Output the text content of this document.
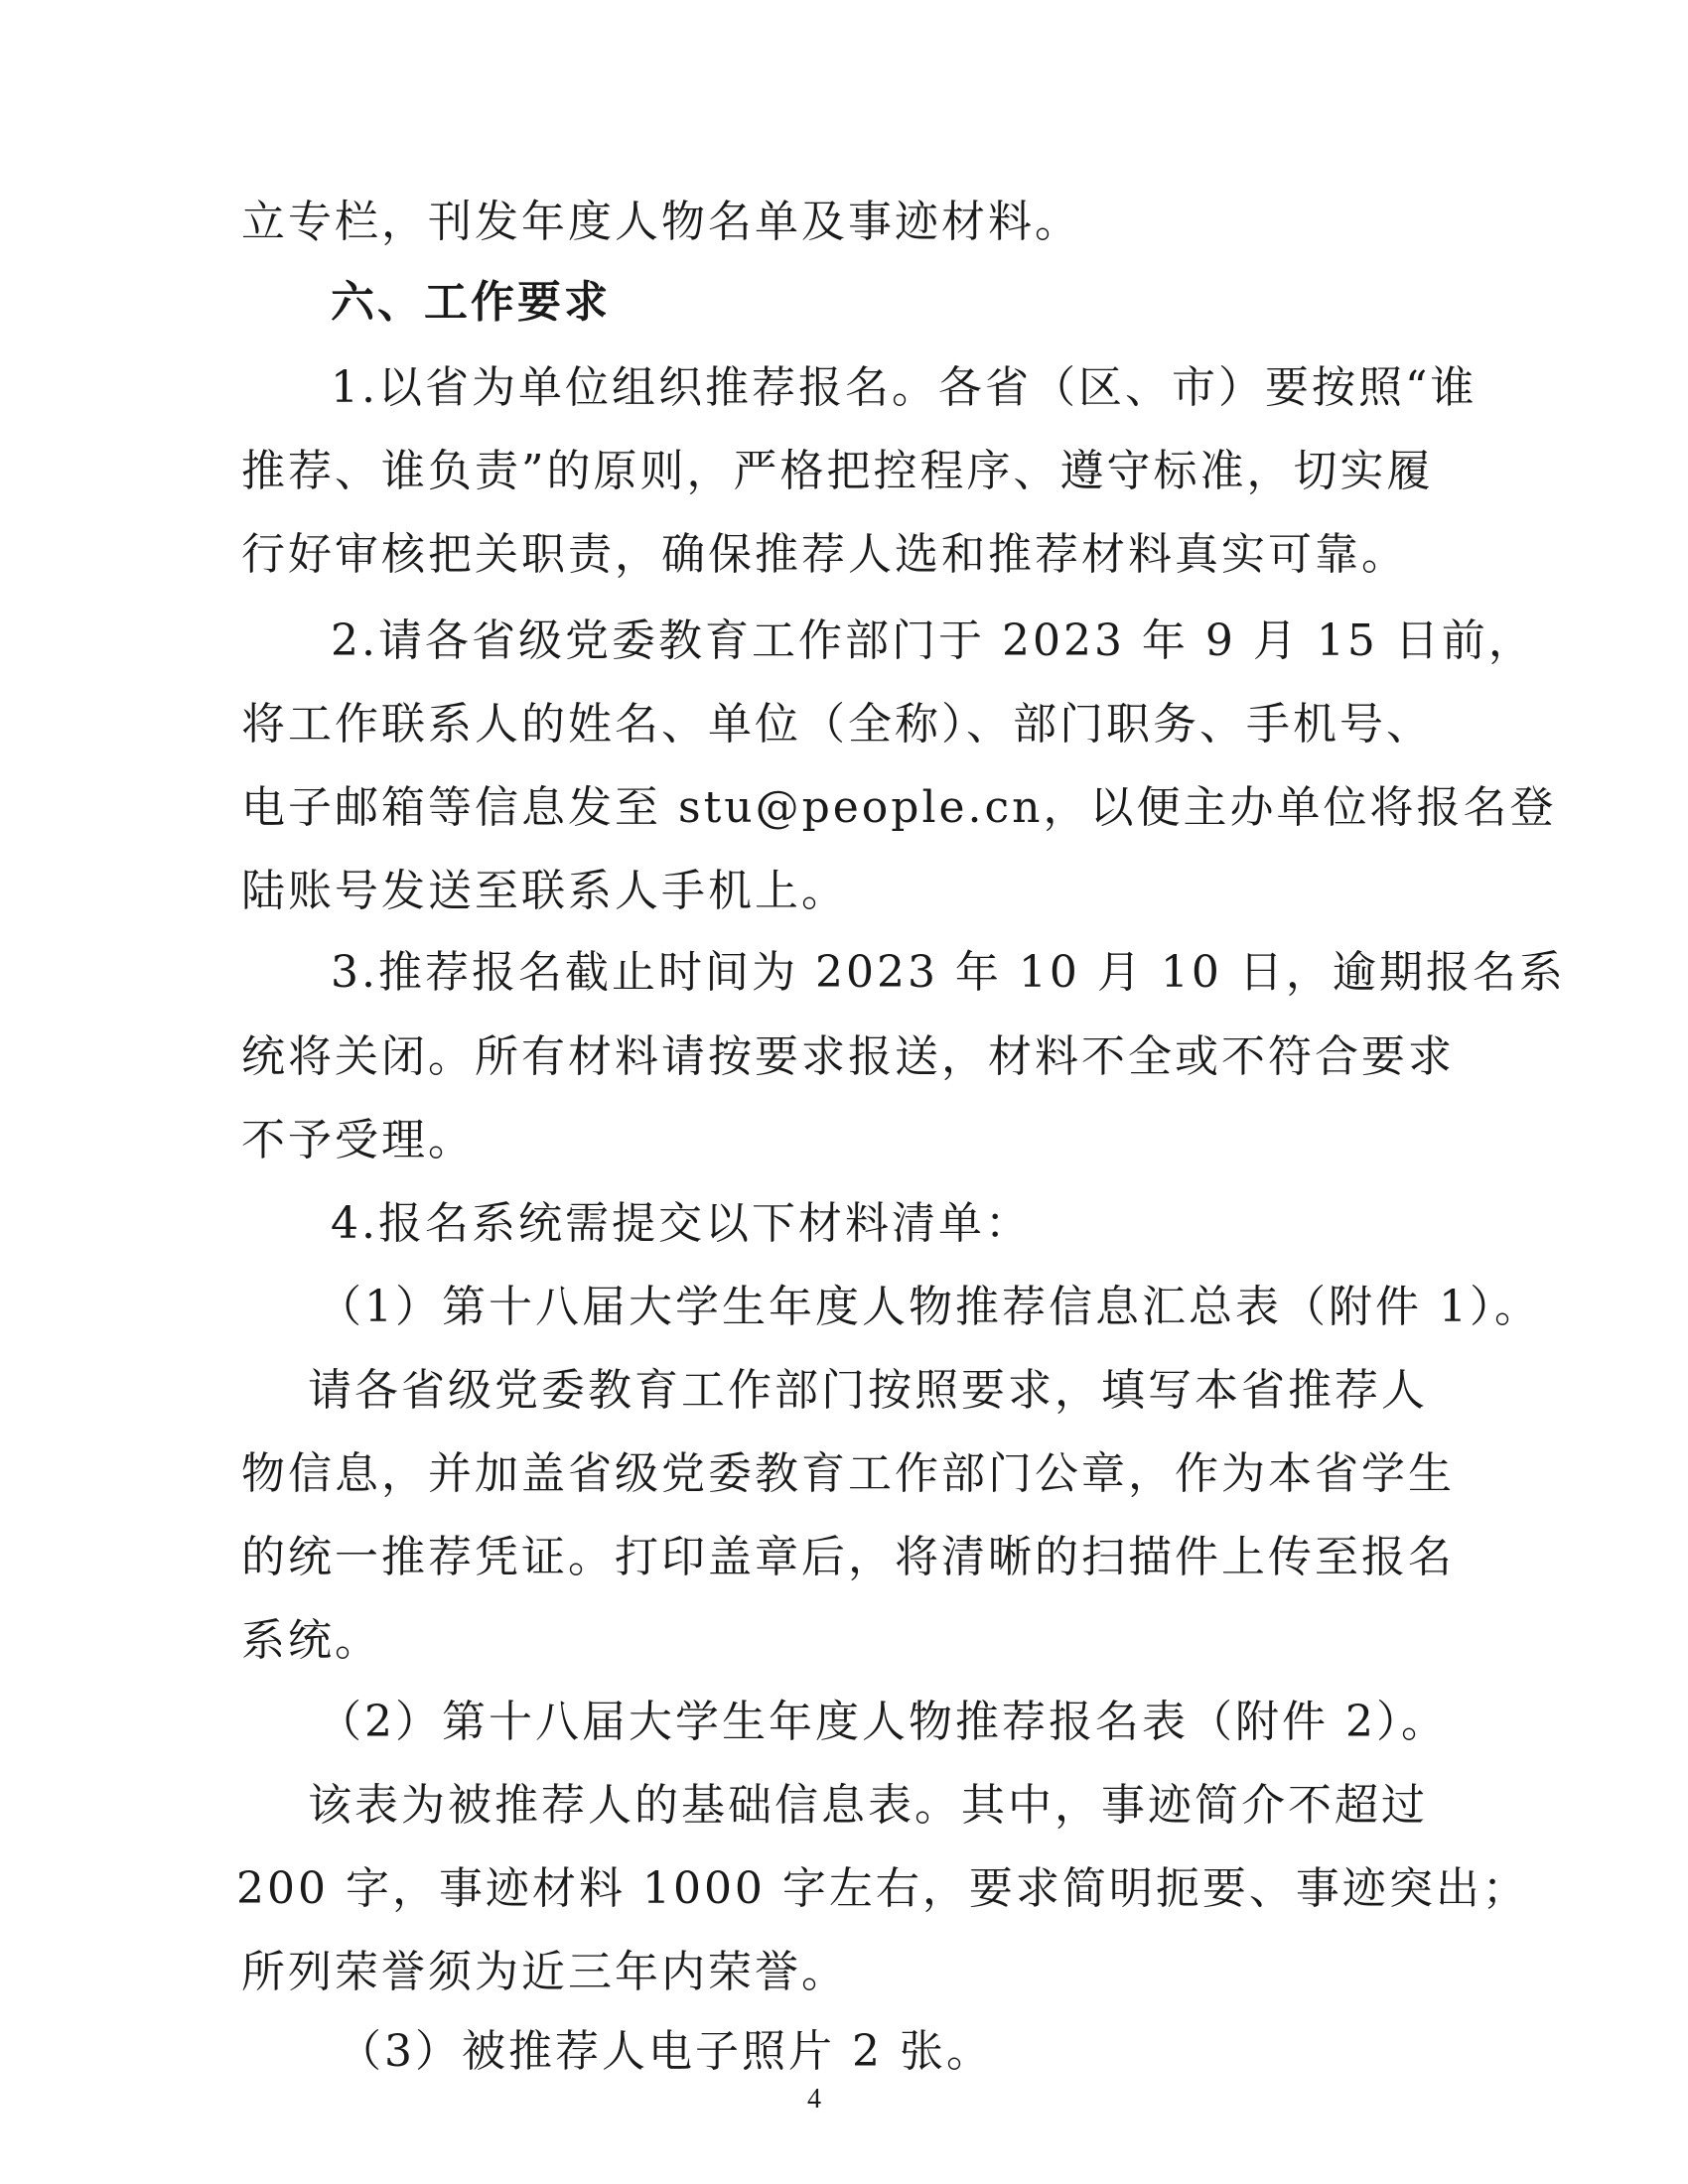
立专栏，刊发年度人物名单及事迹材料。
六、工作要求
1.以省为单位组织推荐报名。各省（区、市）要按照“谁
推荐、谁负责”的原则，严格把控程序、遵守标准，切实履
行好审核把关职责，确保推荐人选和推荐材料真实可靠。
2.请各省级党委教育工作部门于 2023 年 9 月 15 日前，
将工作联系人的姓名、单位（全称）、部门职务、手机号、
电子邮箱等信息发至 stu@people.cn，以便主办单位将报名登
陆账号发送至联系人手机上。
3.推荐报名截止时间为 2023 年 10 月 10 日，逾期报名系
统将关闭。所有材料请按要求报送，材料不全或不符合要求
不予受理。
4.报名系统需提交以下材料清单：
（1）第十八届大学生年度人物推荐信息汇总表（附件 1）。
请各省级党委教育工作部门按照要求，填写本省推荐人
物信息，并加盖省级党委教育工作部门公章，作为本省学生
的统一推荐凭证。打印盖章后，将清晰的扫描件上传至报名
系统。
（2）第十八届大学生年度人物推荐报名表（附件 2）。
该表为被推荐人的基础信息表。其中，事迹简介不超过
200 字，事迹材料 1000 字左右，要求简明扼要、事迹突出；
所列荣誉须为近三年内荣誉。
（3）被推荐人电子照片 2 张。
4
